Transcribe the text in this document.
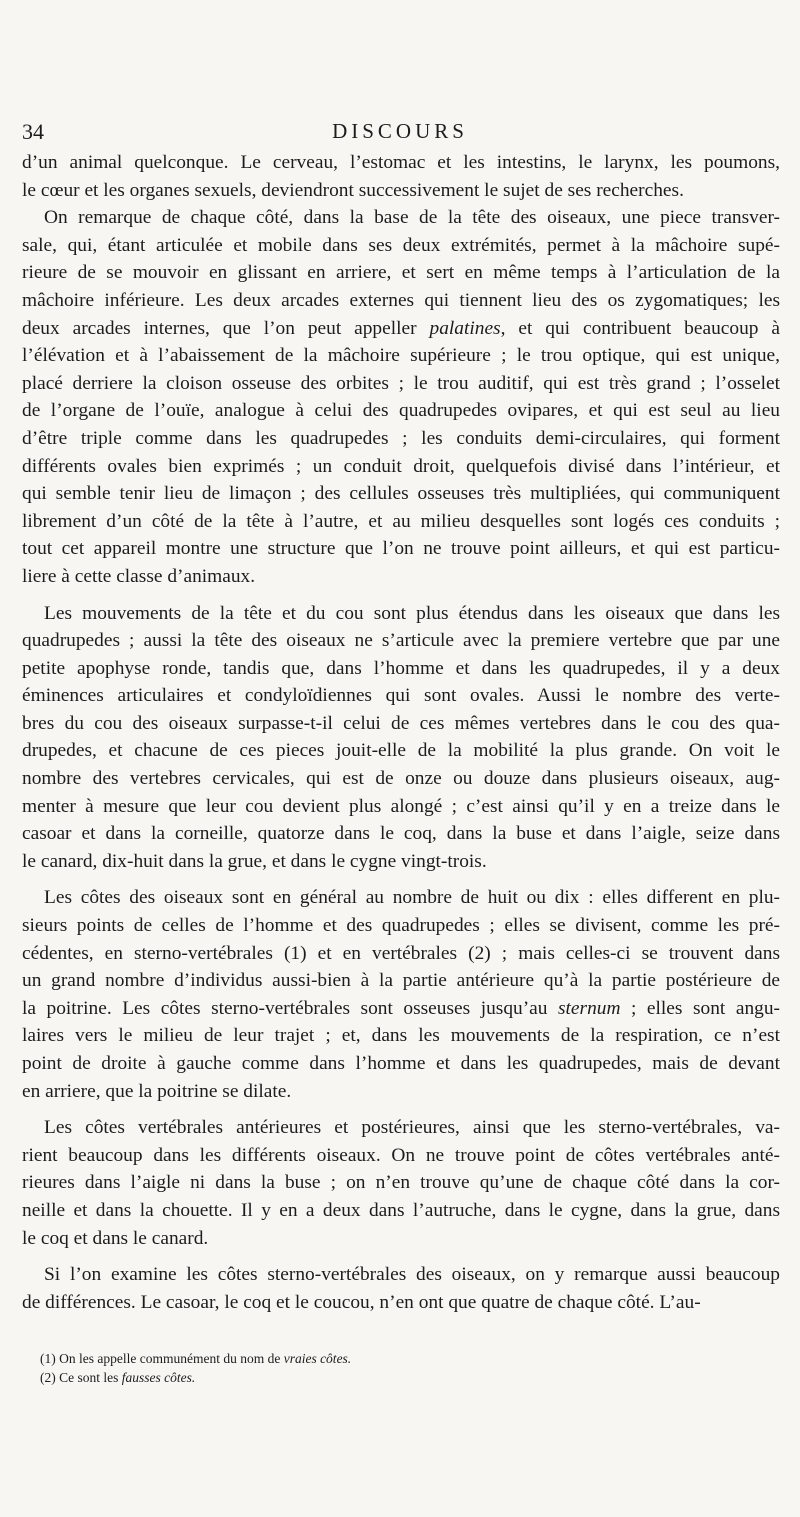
34	DISCOURS
d’un animal quelconque. Le cerveau, l’estomac et les intestins, le larynx, les poumons,
le cœur et les organes sexuels, deviendront successivement le sujet de ses recherches.
On remarque de chaque côté, dans la base de la tête des oiseaux, une piece transver-
sale, qui, étant articulée et mobile dans ses deux extrémités, permet à la mâchoire supé-
rieure de se mouvoir en glissant en arriere, et sert en même temps à l’articulation de la
mâchoire inférieure. Les deux arcades externes qui tiennent lieu des os zygomatiques; les
deux arcades internes, que l’on peut appeller palatines, et qui contribuent beaucoup à
l’élévation et à l’abaissement de la mâchoire supérieure ; le trou optique, qui est unique,
placé derriere la cloison osseuse des orbites ; le trou auditif, qui est très grand ; l’osselet
de l’organe de l’ouïe, analogue à celui des quadrupedes ovipares, et qui est seul au lieu
d’être triple comme dans les quadrupedes ; les conduits demi-circulaires, qui forment
différents ovales bien exprimés ; un conduit droit, quelquefois divisé dans l’intérieur, et
qui semble tenir lieu de limaçon ; des cellules osseuses très multipliées, qui communiquent
librement d’un côté de la tête à l’autre, et au milieu desquelles sont logés ces conduits ;
tout cet appareil montre une structure que l’on ne trouve point ailleurs, et qui est particu-
liere à cette classe d’animaux.
Les mouvements de la tête et du cou sont plus étendus dans les oiseaux que dans les
quadrupedes ; aussi la tête des oiseaux ne s’articule avec la premiere vertebre que par une
petite apophyse ronde, tandis que, dans l’homme et dans les quadrupedes, il y a deux
éminences articulaires et condyloïdiennes qui sont ovales. Aussi le nombre des verte-
bres du cou des oiseaux surpasse-t-il celui de ces mêmes vertebres dans le cou des qua-
drupedes, et chacune de ces pieces jouit-elle de la mobilité la plus grande. On voit le
nombre des vertebres cervicales, qui est de onze ou douze dans plusieurs oiseaux, aug-
menter à mesure que leur cou devient plus alongé ; c’est ainsi qu’il y en a treize dans le
casoar et dans la corneille, quatorze dans le coq, dans la buse et dans l’aigle, seize dans
le canard, dix-huit dans la grue, et dans le cygne vingt-trois.
Les côtes des oiseaux sont en général au nombre de huit ou dix : elles different en plu-
sieurs points de celles de l’homme et des quadrupedes ; elles se divisent, comme les pré-
cédentes, en sterno-vertébrales (1) et en vertébrales (2) ; mais celles-ci se trouvent dans
un grand nombre d’individus aussi-bien à la partie antérieure qu’à la partie postérieure de
la poitrine. Les côtes sterno-vertébrales sont osseuses jusqu’au sternum ; elles sont angu-
laires vers le milieu de leur trajet ; et, dans les mouvements de la respiration, ce n’est
point de droite à gauche comme dans l’homme et dans les quadrupedes, mais de devant
en arriere, que la poitrine se dilate.
Les côtes vertébrales antérieures et postérieures, ainsi que les sterno-vertébrales, va-
rient beaucoup dans les différents oiseaux. On ne trouve point de côtes vertébrales anté-
rieures dans l’aigle ni dans la buse ; on n’en trouve qu’une de chaque côté dans la cor-
neille et dans la chouette. Il y en a deux dans l’autruche, dans le cygne, dans la grue, dans
le coq et dans le canard.
Si l’on examine les côtes sterno-vertébrales des oiseaux, on y remarque aussi beaucoup
de différences. Le casoar, le coq et le coucou, n’en ont que quatre de chaque côté. L’au-
(1) On les appelle communément du nom de vraies côtes.
(2) Ce sont les fausses côtes.
